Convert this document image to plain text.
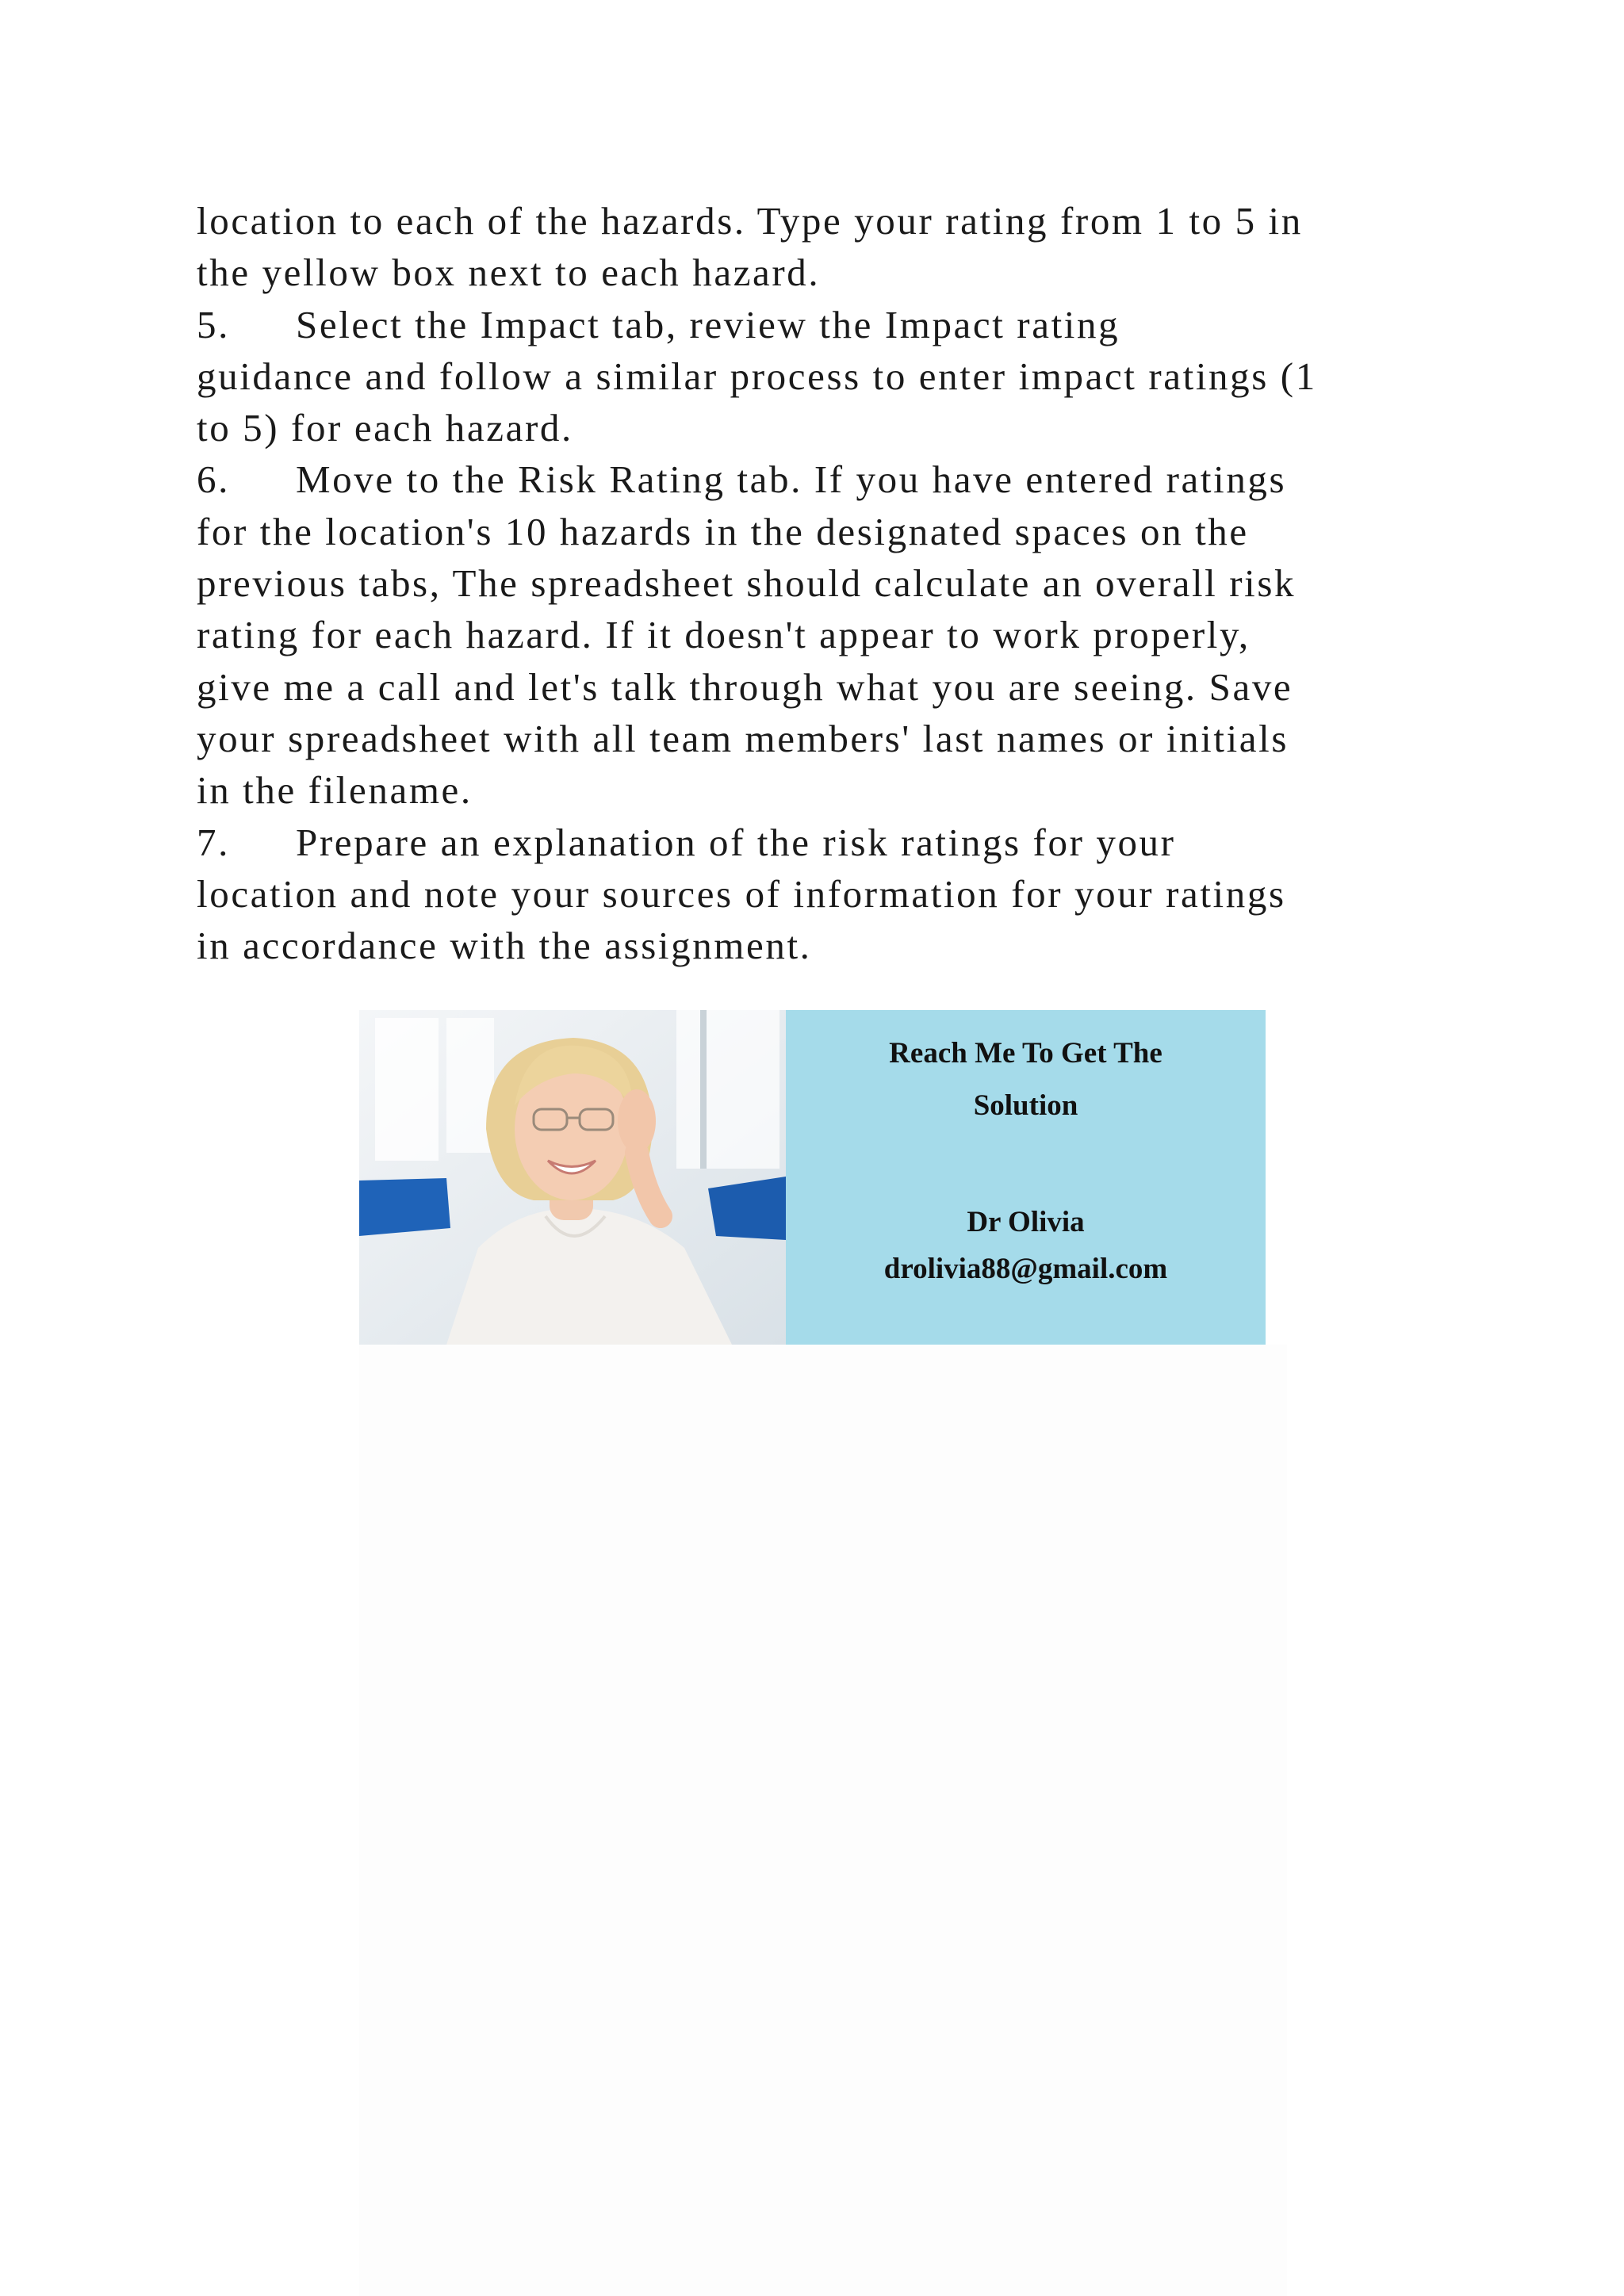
location to each of the hazards. Type your rating from 1 to 5 in
the yellow box next to each hazard.
5. Select the Impact tab, review the Impact rating
guidance and follow a similar process to enter impact ratings (1
to 5) for each hazard.
6. Move to the Risk Rating tab. If you have entered ratings
for the location's 10 hazards in the designated spaces on the
previous tabs, The spreadsheet should calculate an overall risk
rating for each hazard. If it doesn't appear to work properly,
give me a call and let's talk through what you are seeing. Save
your spreadsheet with all team members' last names or initials
in the filename.
7. Prepare an explanation of the risk ratings for your
location and note your sources of information for your ratings
in accordance with the assignment.
Reach Me To Get The
Solution
Dr Olivia
drolivia88@gmail.com
